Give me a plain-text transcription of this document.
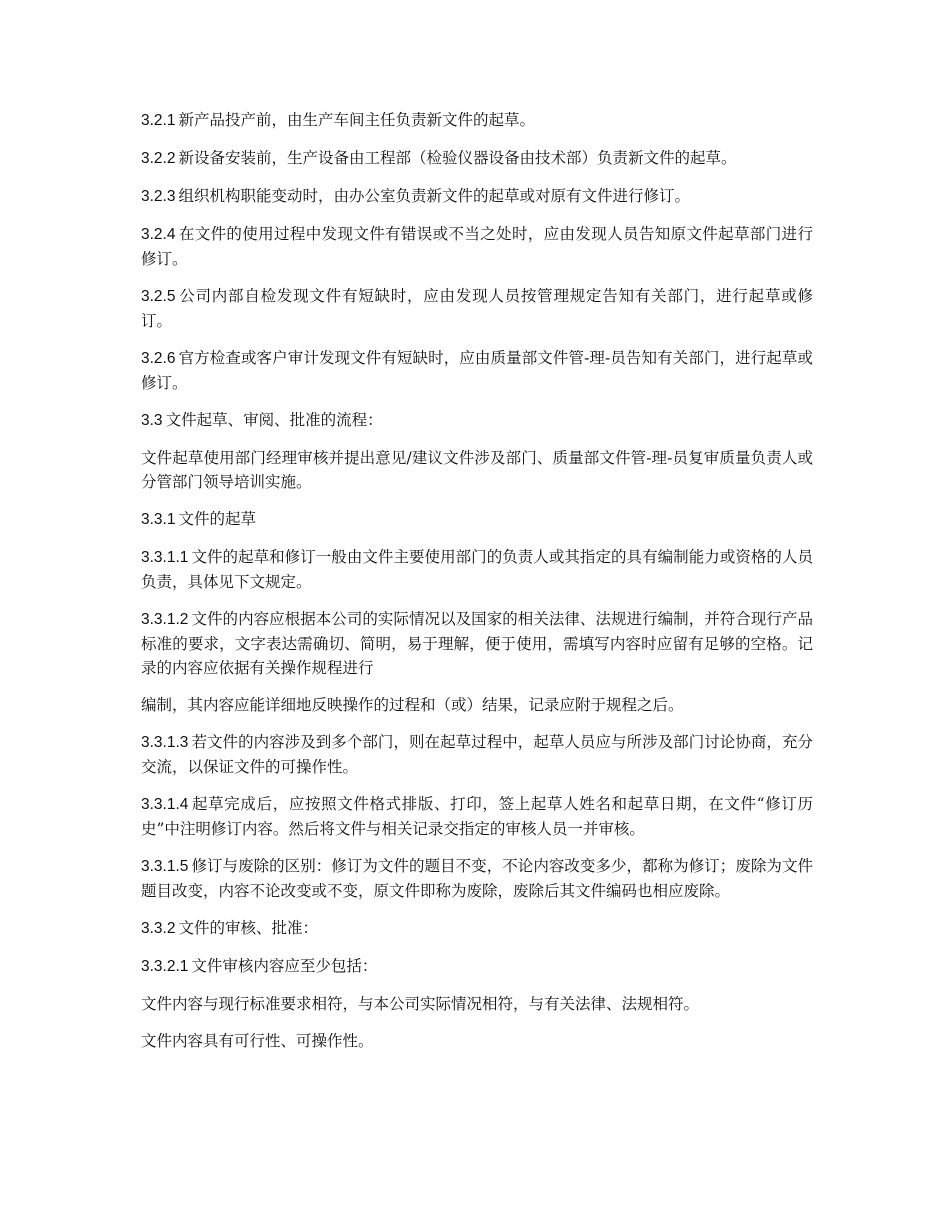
3.2.1 新产品投产前，由生产车间主任负责新文件的起草。

3.2.2 新设备安装前，生产设备由工程部（检验仪器设备由技术部）负责新文件的起草。

3.2.3 组织机构职能变动时，由办公室负责新文件的起草或对原有文件进行修订。

3.2.4 在文件的使用过程中发现文件有错误或不当之处时，应由发现人员告知原文件起草部门进行修订。

3.2.5 公司内部自检发现文件有短缺时，应由发现人员按管理规定告知有关部门，进行起草或修订。

3.2.6 官方检查或客户审计发现文件有短缺时，应由质量部文件管-理-员告知有关部门，进行起草或修订。

3.3 文件起草、审阅、批准的流程：

文件起草使用部门经理审核并提出意见/建议文件涉及部门、质量部文件管-理-员复审质量负责人或分管部门领导培训实施。

3.3.1 文件的起草

3.3.1.1 文件的起草和修订一般由文件主要使用部门的负责人或其指定的具有编制能力或资格的人员负责，具体见下文规定。

3.3.1.2 文件的内容应根据本公司的实际情况以及国家的相关法律、法规进行编制，并符合现行产品标准的要求，文字表达需确切、简明，易于理解，便于使用，需填写内容时应留有足够的空格。记录的内容应依据有关操作规程进行

编制，其内容应能详细地反映操作的过程和（或）结果，记录应附于规程之后。

3.3.1.3 若文件的内容涉及到多个部门，则在起草过程中，起草人员应与所涉及部门讨论协商，充分交流，以保证文件的可操作性。

3.3.1.4 起草完成后，应按照文件格式排版、打印，签上起草人姓名和起草日期，在文件“修订历史”中注明修订内容。然后将文件与相关记录交指定的审核人员一并审核。

3.3.1.5 修订与废除的区别：修订为文件的题目不变，不论内容改变多少，都称为修订；废除为文件题目改变，内容不论改变或不变，原文件即称为废除，废除后其文件编码也相应废除。

3.3.2 文件的审核、批准：

3.3.2.1 文件审核内容应至少包括：

文件内容与现行标准要求相符，与本公司实际情况相符，与有关法律、法规相符。

文件内容具有可行性、可操作性。
